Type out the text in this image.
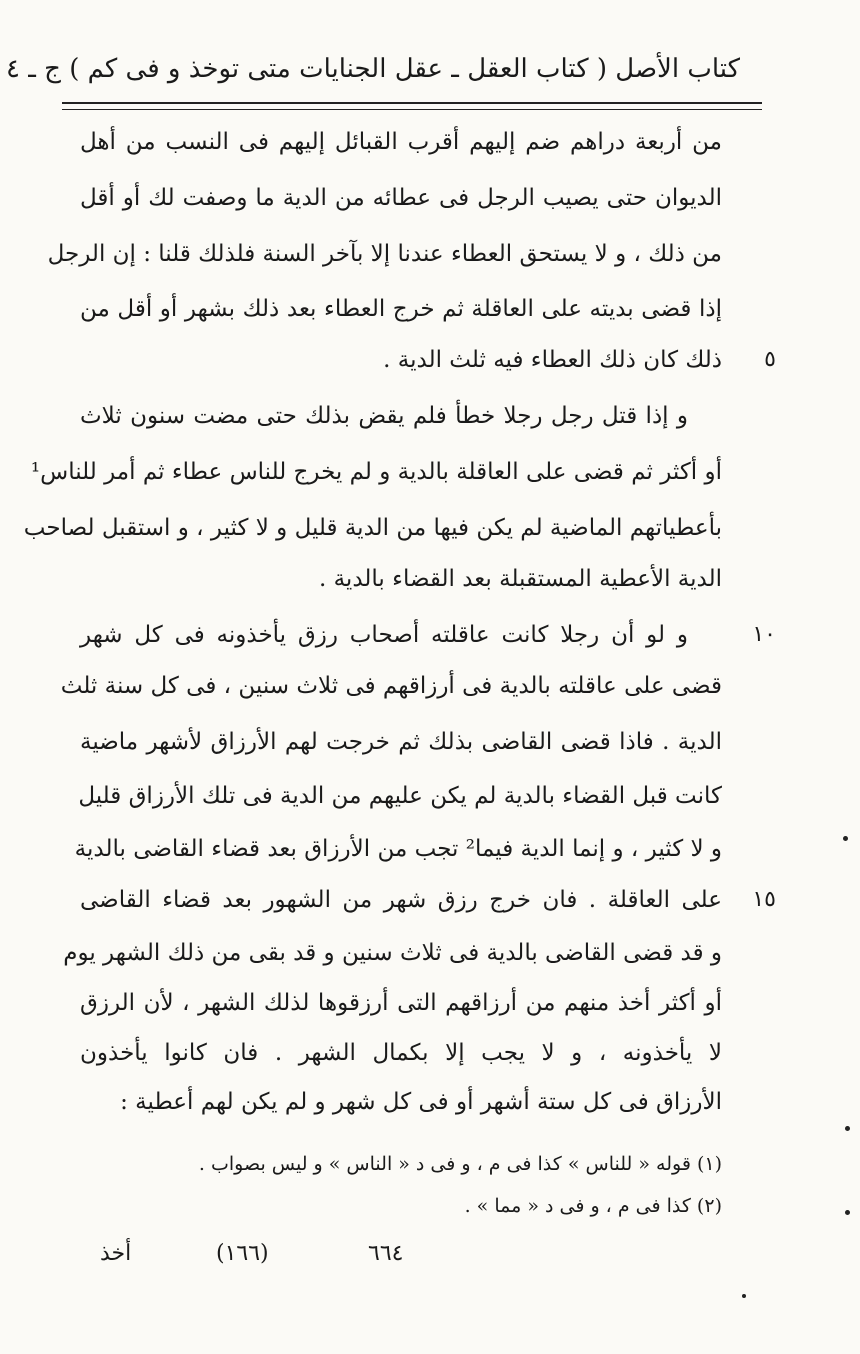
كتاب الأصل ( كتاب العقل ـ عقل الجنايات متى توخذ و فى كم ) ج ـ ٤
من أربعة دراهم ضم إليهم أقرب القبائل إليهم فى النسب من أهل
الديوان حتى يصيب الرجل فى عطائه من الدية ما وصفت لك أو أقل
من ذلك ، و لا يستحق العطاء عندنا إلا بآخر السنة فلذلك قلنا : إن الرجل
إذا قضى بديته على العاقلة ثم خرج العطاء بعد ذلك بشهر أو أقل من
ذلك كان ذلك العطاء فيه ثلث الدية .	٥
و إذا قتل رجل رجلا خطأ فلم يقض بذلك حتى مضت سنون ثلاث
أو أكثر ثم قضى على العاقلة بالدية و لم يخرج للناس عطاء ثم أمر للناس¹
بأعطياتهم الماضية لم يكن فيها من الدية قليل و لا كثير ، و استقبل لصاحب
الدية الأعطية المستقبلة بعد القضاء بالدية .
و لو أن رجلا كانت عاقلته أصحاب رزق يأخذونه فى كل شهر	١٠
قضى على عاقلته بالدية فى أرزاقهم فى ثلاث سنين ، فى كل سنة ثلث
الدية . فاذا قضى القاضى بذلك ثم خرجت لهم الأرزاق لأشهر ماضية
كانت قبل القضاء بالدية لم يكن عليهم من الدية فى تلك الأرزاق قليل
و لا كثير ، و إنما الدية فيما² تجب من الأرزاق بعد قضاء القاضى بالدية
على العاقلة . فان خرج رزق شهر من الشهور بعد قضاء القاضى	١٥
و قد قضى القاضى بالدية فى ثلاث سنين و قد بقى من ذلك الشهر يوم
أو أكثر أخذ منهم من أرزاقهم التى أرزقوها لذلك الشهر ، لأن الرزق
لا يأخذونه ، و لا يجب إلا بكمال الشهر . فان كانوا يأخذون
الأرزاق فى كل ستة أشهر أو فى كل شهر و لم يكن لهم أعطية :
(١) قوله « للناس » كذا فى م ، و فى د « الناس » و ليس بصواب .
(٢) كذا فى م ، و فى د « مما » .
أخذ	(١٦٦)	٦٦٤
